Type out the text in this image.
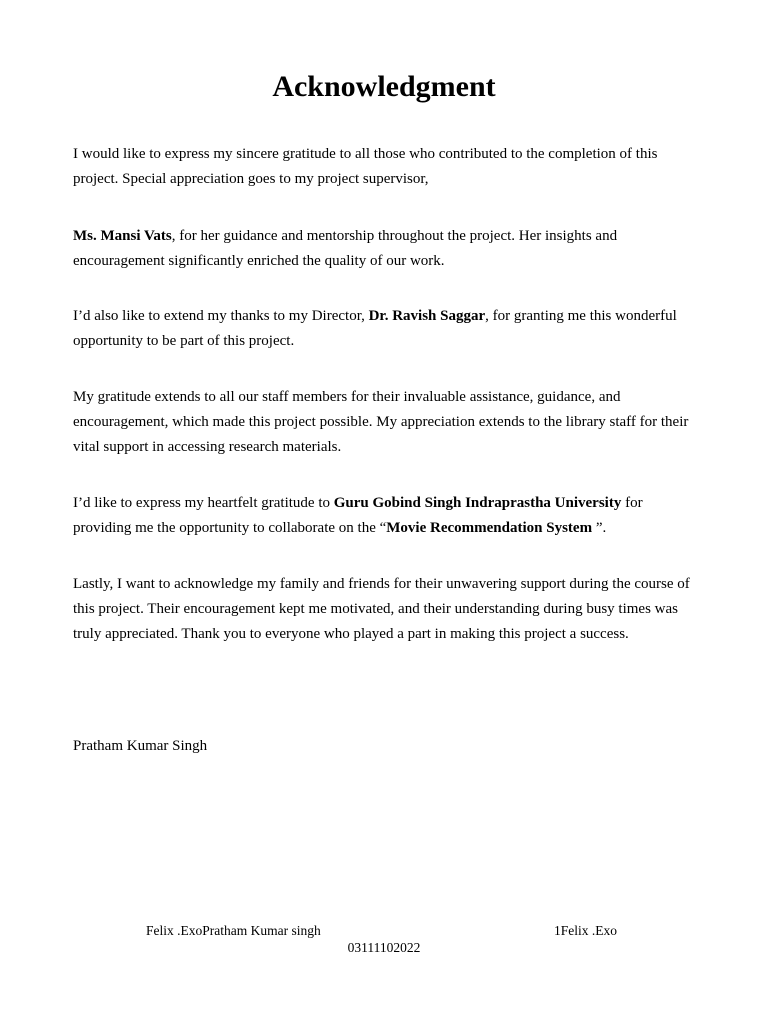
Acknowledgment

I would like to express my sincere gratitude to all those who contributed to the completion of this project. Special appreciation goes to my project supervisor,

Ms. Mansi Vats, for her guidance and mentorship throughout the project. Her insights and encouragement significantly enriched the quality of our work.

I’d also like to extend my thanks to my Director, Dr. Ravish Saggar, for granting me this wonderful opportunity to be part of this project.

My gratitude extends to all our staff members for their invaluable assistance, guidance, and encouragement, which made this project possible. My appreciation extends to the library staff for their vital support in accessing research materials.

I’d like to express my heartfelt gratitude to Guru Gobind Singh Indraprastha University for providing me the opportunity to collaborate on the “Movie Recommendation System ”.

Lastly, I want to acknowledge my family and friends for their unwavering support during the course of this project. Their encouragement kept me motivated, and their understanding during busy times was truly appreciated. Thank you to everyone who played a part in making this project a success.

Pratham Kumar Singh

Felix .ExoPratham Kumar singh	1Felix .Exo
03111102022
